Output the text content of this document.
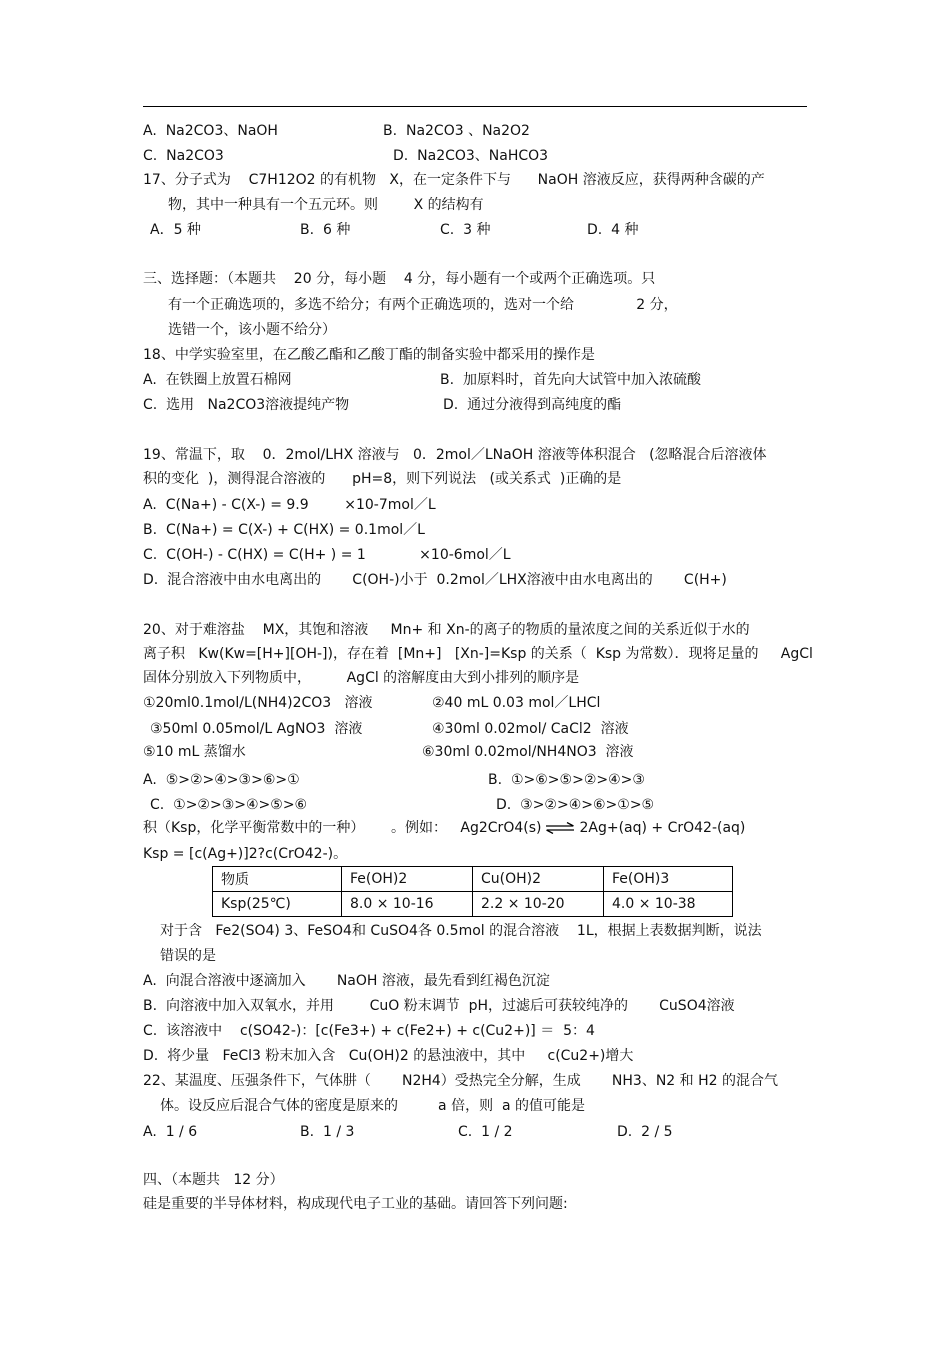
A. Na2CO3、NaOH	B. Na2CO3 、Na2O2
C. Na2CO3	D. Na2CO3、NaHCO3
17、分子式为    C7H12O2 的有机物   X，在一定条件下与      NaOH 溶液反应，获得两种含碳的产
物，其中一种具有一个五元环。则        X 的结构有
A．5 种	B. 6 种	C. 3 种	D. 4 种
三、选择题：（本题共    20 分，每小题    4 分，每小题有一个或两个正确选项。只
有一个正确选项的，多选不给分；有两个正确选项的，选对一个给              2 分，
选错一个，该小题不给分）
18、中学实验室里，在乙酸乙酯和乙酸丁酯的制备实验中都采用的操作是
A. 在铁圈上放置石棉网	B. 加原料时，首先向大试管中加入浓硫酸
C. 选用   Na2CO3溶液提纯产物	D. 通过分液得到高纯度的酯
19、常温下，取    0．2mol/LHX 溶液与   0．2mol／LNaOH 溶液等体积混合   (忽略混合后溶液体
积的变化  )，测得混合溶液的      pH=8，则下列说法   (或关系式  )正确的是
A. C(Na+) - C(X-) = 9.9        ×10-7mol／L
B. C(Na+) = C(X-) + C(HX) = 0.1mol／L
C. C(OH-) - C(HX) = C(H+ ) = 1            ×10-6mol／L
D. 混合溶液中由水电离出的       C(OH-)小于  0.2mol／LHX溶液中由水电离出的       C(H+)
20、对于难溶盐    MX，其饱和溶液     Mn+ 和 Xn-的离子的物质的量浓度之间的关系近似于水的
离子积   Kw(Kw=[H+][OH-])，存在着  [Mn+]   [Xn-]=Ksp 的关系（  Ksp 为常数）．现将足量的     AgCl
固体分别放入下列物质中，        AgCl 的溶解度由大到小排列的顺序是
①20ml0.1mol/L(NH4)2CO3   溶液	②40 mL 0.03 mol／LHCl
③50ml 0.05mol/L AgNO3  溶液	④30ml 0.02mol/ CaCl2  溶液
⑤10 mL 蒸馏水	⑥30ml 0.02mol/NH4NO3  溶液
A. ⑤>②>④>③>⑥>①	B. ①>⑥>⑤>②>④>③
C. ①>②>③>④>⑤>⑥	D. ③>②>④>⑥>①>⑤
积（Ksp，化学平衡常数中的一种）      。例如：   Ag2CrO4(s) ⇌ 2Ag+(aq) + CrO42-(aq)
Ksp = [c(Ag+)]2?c(CrO42-)。
物质	Fe(OH)2	Cu(OH)2	Fe(OH)3
Ksp(25℃)	8.0 × 10-16	2.2 × 10-20	4.0 × 10-38
对于含   Fe2(SO4) 3、FeSO4和 CuSO4各 0.5mol 的混合溶液    1L，根据上表数据判断，说法
错误的是
A. 向混合溶液中逐滴加入       NaOH 溶液，最先看到红褐色沉淀
B. 向溶液中加入双氧水，并用        CuO 粉末调节  pH，过滤后可获较纯净的       CuSO4溶液
C. 该溶液中    c(SO42-)：[c(Fe3+) + c(Fe2+) + c(Cu2+)] ＝  5：4
D. 将少量   FeCl3 粉末加入含   Cu(OH)2 的悬浊液中，其中     c(Cu2+)增大
22、某温度、压强条件下，气体肼（       N2H4）受热完全分解，生成       NH3、N2 和 H2 的混合气
体。设反应后混合气体的密度是原来的         a 倍，则  a 的值可能是
A. 1 / 6	B. 1 / 3	C. 1 / 2	D. 2 / 5
四、（本题共   12 分）
硅是重要的半导体材料，构成现代电子工业的基础。请回答下列问题:
